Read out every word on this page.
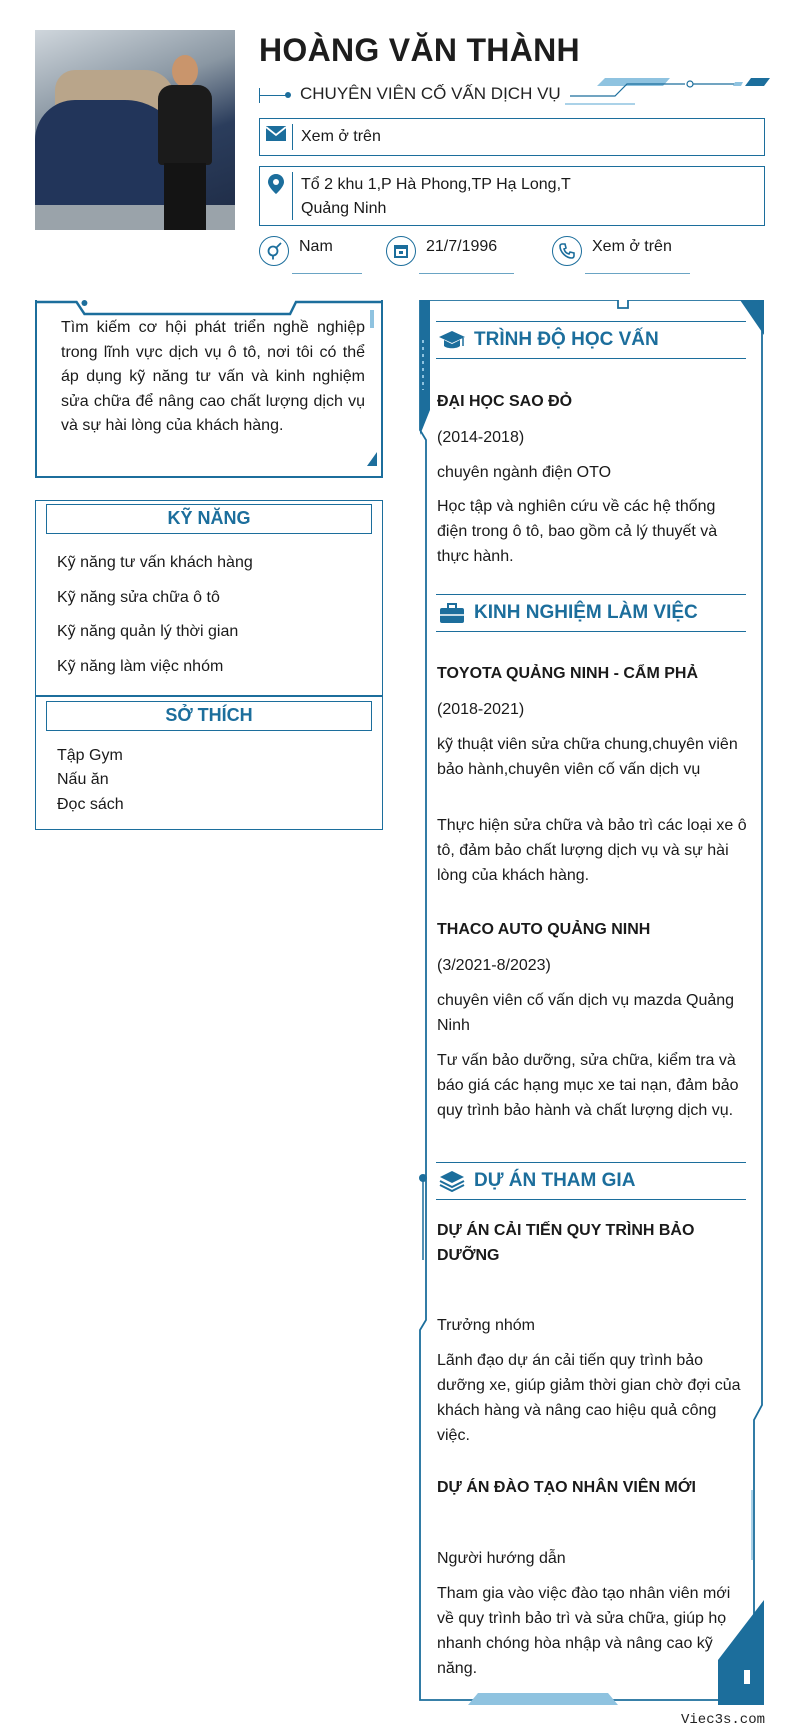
HOÀNG VĂN THÀNH
CHUYÊN VIÊN CỐ VẤN DỊCH VỤ
Xem ở trên
Tổ 2 khu 1,P Hà Phong,TP Hạ Long,T Quảng Ninh
Nam	21/7/1996	Xem ở trên
Tìm kiếm cơ hội phát triển nghề nghiệp trong lĩnh vực dịch vụ ô tô, nơi tôi có thể áp dụng kỹ năng tư vấn và kinh nghiệm sửa chữa để nâng cao chất lượng dịch vụ và sự hài lòng của khách hàng.
KỸ NĂNG
Kỹ năng tư vấn khách hàng
Kỹ năng sửa chữa ô tô
Kỹ năng quản lý thời gian
Kỹ năng làm việc nhóm
SỞ THÍCH
Tập Gym
Nấu ăn
Đọc sách
TRÌNH ĐỘ HỌC VẤN
ĐẠI HỌC SAO ĐỎ
(2014-2018)
chuyên ngành điện OTO
Học tập và nghiên cứu về các hệ thống điện trong ô tô, bao gồm cả lý thuyết và thực hành.
KINH NGHIỆM LÀM VIỆC
TOYOTA QUẢNG NINH - CẨM PHẢ
(2018-2021)
kỹ thuật viên sửa chữa chung,chuyên viên bảo hành,chuyên viên cố vấn dịch vụ
Thực hiện sửa chữa và bảo trì các loại xe ô tô, đảm bảo chất lượng dịch vụ và sự hài lòng của khách hàng.
THACO AUTO QUẢNG NINH
(3/2021-8/2023)
chuyên viên cố vấn dịch vụ mazda Quảng Ninh
Tư vấn bảo dưỡng, sửa chữa, kiểm tra và báo giá các hạng mục xe tai nạn, đảm bảo quy trình bảo hành và chất lượng dịch vụ.
DỰ ÁN THAM GIA
DỰ ÁN CẢI TIẾN QUY TRÌNH BẢO DƯỠNG
Trưởng nhóm
Lãnh đạo dự án cải tiến quy trình bảo dưỡng xe, giúp giảm thời gian chờ đợi của khách hàng và nâng cao hiệu quả công việc.
DỰ ÁN ĐÀO TẠO NHÂN VIÊN MỚI
Người hướng dẫn
Tham gia vào việc đào tạo nhân viên mới về quy trình bảo trì và sửa chữa, giúp họ nhanh chóng hòa nhập và nâng cao kỹ năng.
Viec3s.com
